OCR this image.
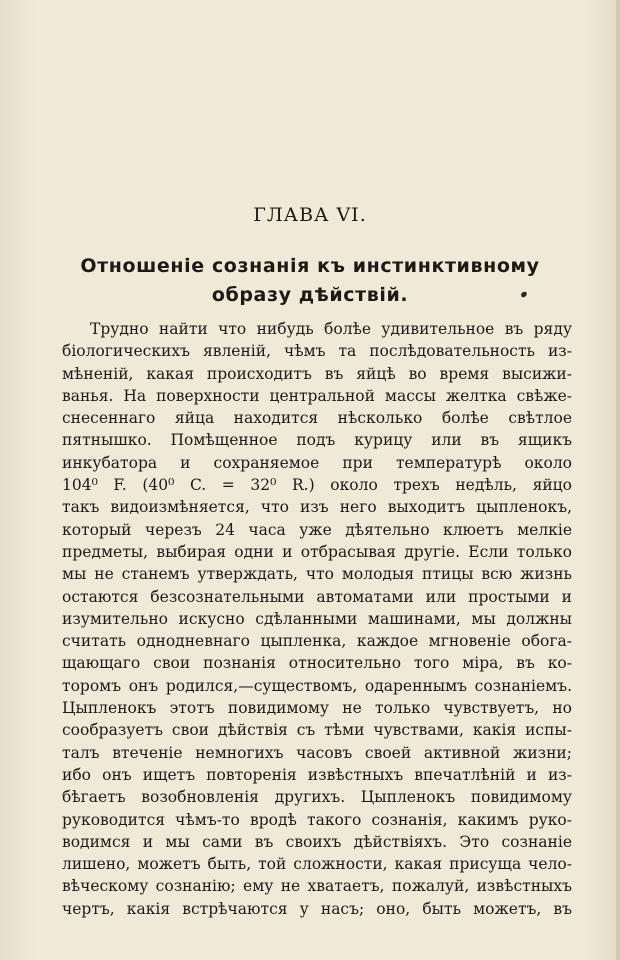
ГЛАВА VI.
Отношеніе сознанія къ инстинктивному
образу дѣйствій.
Трудно найти что нибудь болѣе удивительное въ ряду
біологическихъ явленій, чѣмъ та послѣдовательность из-
мѣненій, какая происходитъ въ яйцѣ во время высижи-
ванья. На поверхности центральной массы желтка свѣже-
снесеннаго яйца находится нѣсколько болѣе свѣтлое
пятнышко. Помѣщенное подъ курицу или въ ящикъ
инкубатора и сохраняемое при температурѣ около
104⁰ F. (40⁰ C. = 32⁰ R.) около трехъ недѣль, яйцо
такъ видоизмѣняется, что изъ него выходитъ цыпленокъ,
который черезъ 24 часа уже дѣятельно клюетъ мелкіе
предметы, выбирая одни и отбрасывая другіе. Если только
мы не станемъ утверждать, что молодыя птицы всю жизнь
остаются безсознательными автоматами или простыми и
изумительно искусно сдѣланными машинами, мы должны
считать однодневнаго цыпленка, каждое мгновеніе обога-
щающаго свои познанія относительно того міра, въ ко-
торомъ онъ родился,—существомъ, одареннымъ сознаніемъ.
Цыпленокъ этотъ повидимому не только чувствуетъ, но
сообразуетъ свои дѣйствія съ тѣми чувствами, какія испы-
талъ втеченіе немногихъ часовъ своей активной жизни;
ибо онъ ищетъ повторенія извѣстныхъ впечатлѣній и из-
бѣгаетъ возобновленія другихъ. Цыпленокъ повидимому
руководится чѣмъ-то вродѣ такого сознанія, какимъ руко-
водимся и мы сами въ своихъ дѣйствіяхъ. Это сознаніе
лишено, можетъ быть, той сложности, какая присуща чело-
вѣческому сознанію; ему не хватаетъ, пожалуй, извѣстныхъ
чертъ, какія встрѣчаются у насъ; оно, быть можетъ, въ
